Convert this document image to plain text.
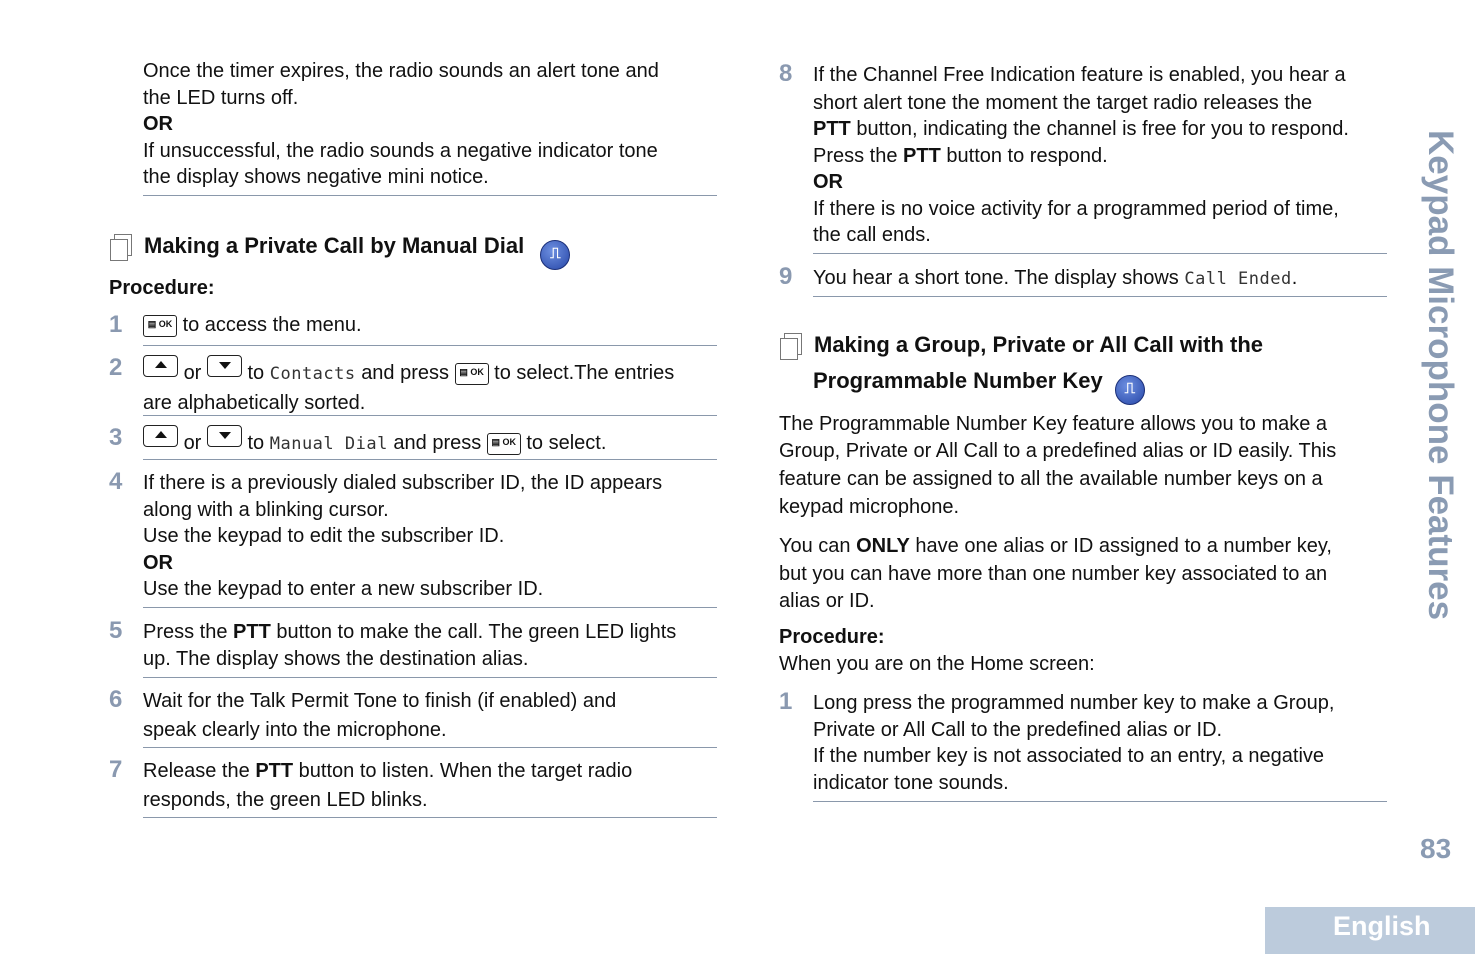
Once the timer expires, the radio sounds an alert tone and
the LED turns off.
OR
If unsuccessful, the radio sounds a negative indicator tone
the display shows negative mini notice.
Making a Private Call by Manual Dial ⎍
Procedure:
1	▤ OK to access the menu.
2	or to Contacts and press ▤ OK to select.The entries
are alphabetically sorted.
3	or to Manual Dial and press ▤ OK to select.
4 If there is a previously dialed subscriber ID, the ID appears
along with a blinking cursor.
Use the keypad to edit the subscriber ID.
OR
Use the keypad to enter a new subscriber ID.
5 Press the PTT button to make the call. The green LED lights
up. The display shows the destination alias.
6 Wait for the Talk Permit Tone to finish (if enabled) and
speak clearly into the microphone.
7 Release the PTT button to listen. When the target radio
responds, the green LED blinks.
8 If the Channel Free Indication feature is enabled, you hear a
short alert tone the moment the target radio releases the
PTT button, indicating the channel is free for you to respond.
Press the PTT button to respond.
OR
If there is no voice activity for a programmed period of time,
the call ends.
9 You hear a short tone. The display shows Call Ended.
Making a Group, Private or All Call with the
Programmable Number Key ⎍
The Programmable Number Key feature allows you to make a
Group, Private or All Call to a predefined alias or ID easily. This
feature can be assigned to all the available number keys on a
keypad microphone.
You can ONLY have one alias or ID assigned to a number key,
but you can have more than one number key associated to an
alias or ID.
Procedure:
When you are on the Home screen:
1 Long press the programmed number key to make a Group,
Private or All Call to the predefined alias or ID.
If the number key is not associated to an entry, a negative
indicator tone sounds.
Keypad Microphone Features
83
English
